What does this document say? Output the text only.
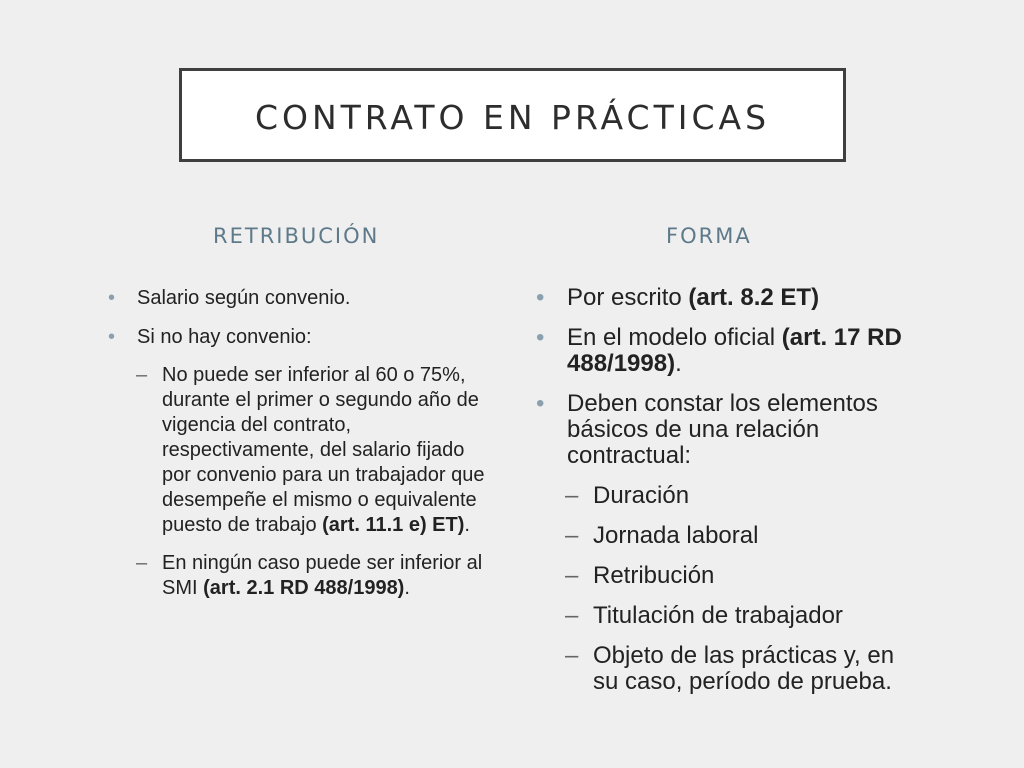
CONTRATO EN PRÁCTICAS
RETRIBUCIÓN	FORMA

• Salario según convenio.

• Si no hay convenio:

– No puede ser inferior al 60 o 75%, durante el primer o segundo año de vigencia del contrato, respectivamente, del salario fijado por convenio para un trabajador que desempeñe el mismo o equivalente puesto de trabajo (art. 11.1 e) ET).

– En ningún caso puede ser inferior al SMI (art. 2.1 RD 488/1998).

• Por escrito (art. 8.2 ET)

• En el modelo oficial (art. 17 RD 488/1998).

• Deben constar los elementos básicos de una relación contractual:

– Duración

– Jornada laboral

– Retribución

– Titulación de trabajador

– Objeto de las prácticas y, en su caso, período de prueba.
